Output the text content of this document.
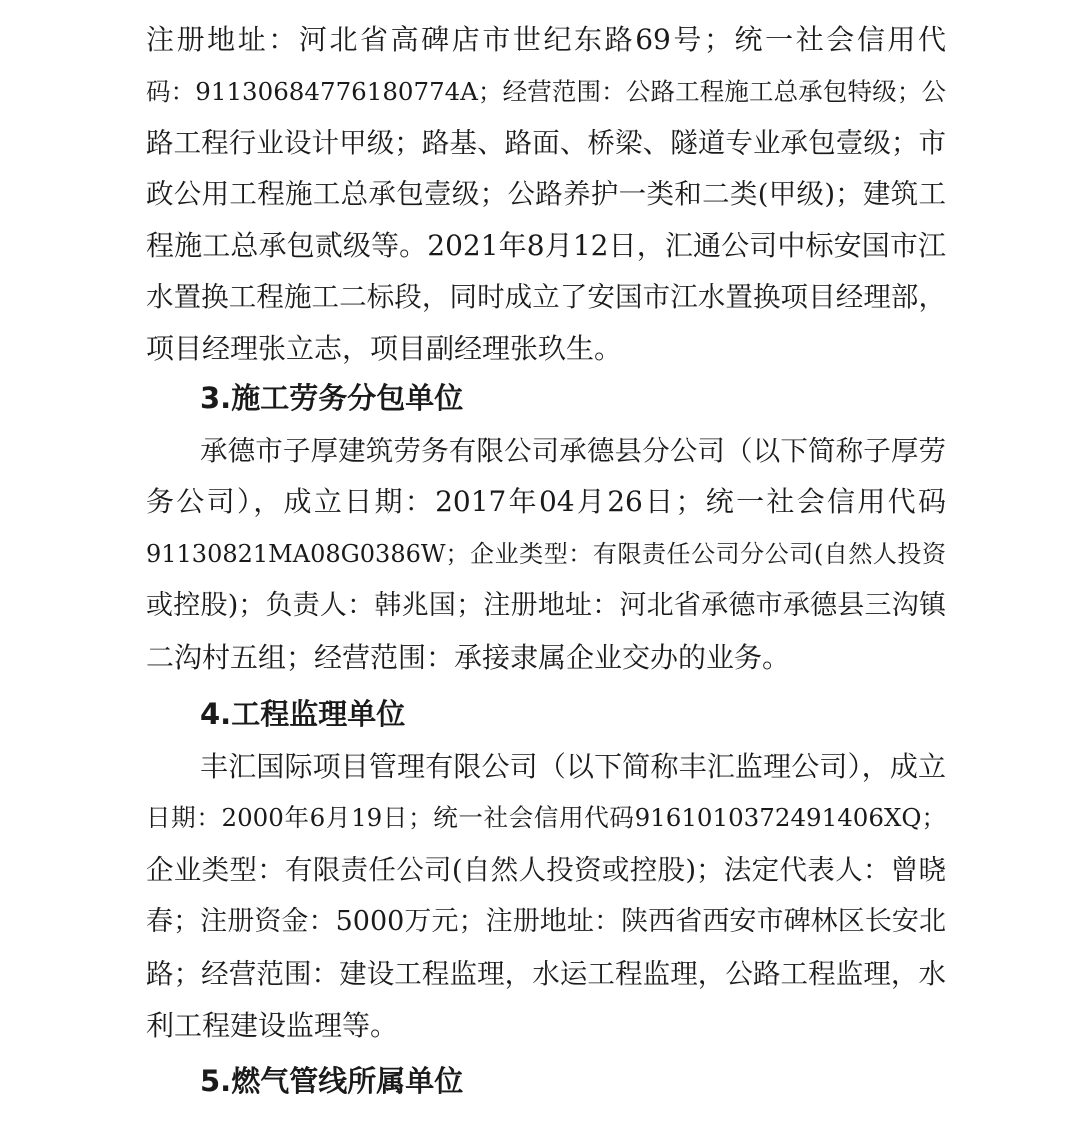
注册地址：河北省高碑店市世纪东路69号；统一社会信用代
码：91130684776180774A；经营范围：公路工程施工总承包特级；公
路工程行业设计甲级；路基、路面、桥梁、隧道专业承包壹级；市
政公用工程施工总承包壹级；公路养护一类和二类(甲级)；建筑工
程施工总承包贰级等。2021年8月12日，汇通公司中标安国市江
水置换工程施工二标段，同时成立了安国市江水置换项目经理部，
项目经理张立志，项目副经理张玖生。
3.施工劳务分包单位
承德市子厚建筑劳务有限公司承德县分公司（以下简称子厚劳
务公司），成立日期：2017年04月26日；统一社会信用代码
91130821MA08G0386W；企业类型：有限责任公司分公司(自然人投资
或控股)；负责人：韩兆国；注册地址：河北省承德市承德县三沟镇
二沟村五组；经营范围：承接隶属企业交办的业务。
4.工程监理单位
丰汇国际项目管理有限公司（以下简称丰汇监理公司），成立
日期：2000年6月19日；统一社会信用代码9161010372491406XQ；
企业类型：有限责任公司(自然人投资或控股)；法定代表人：曾晓
春；注册资金：5000万元；注册地址：陕西省西安市碑林区长安北
路；经营范围：建设工程监理，水运工程监理，公路工程监理，水
利工程建设监理等。
5.燃气管线所属单位
